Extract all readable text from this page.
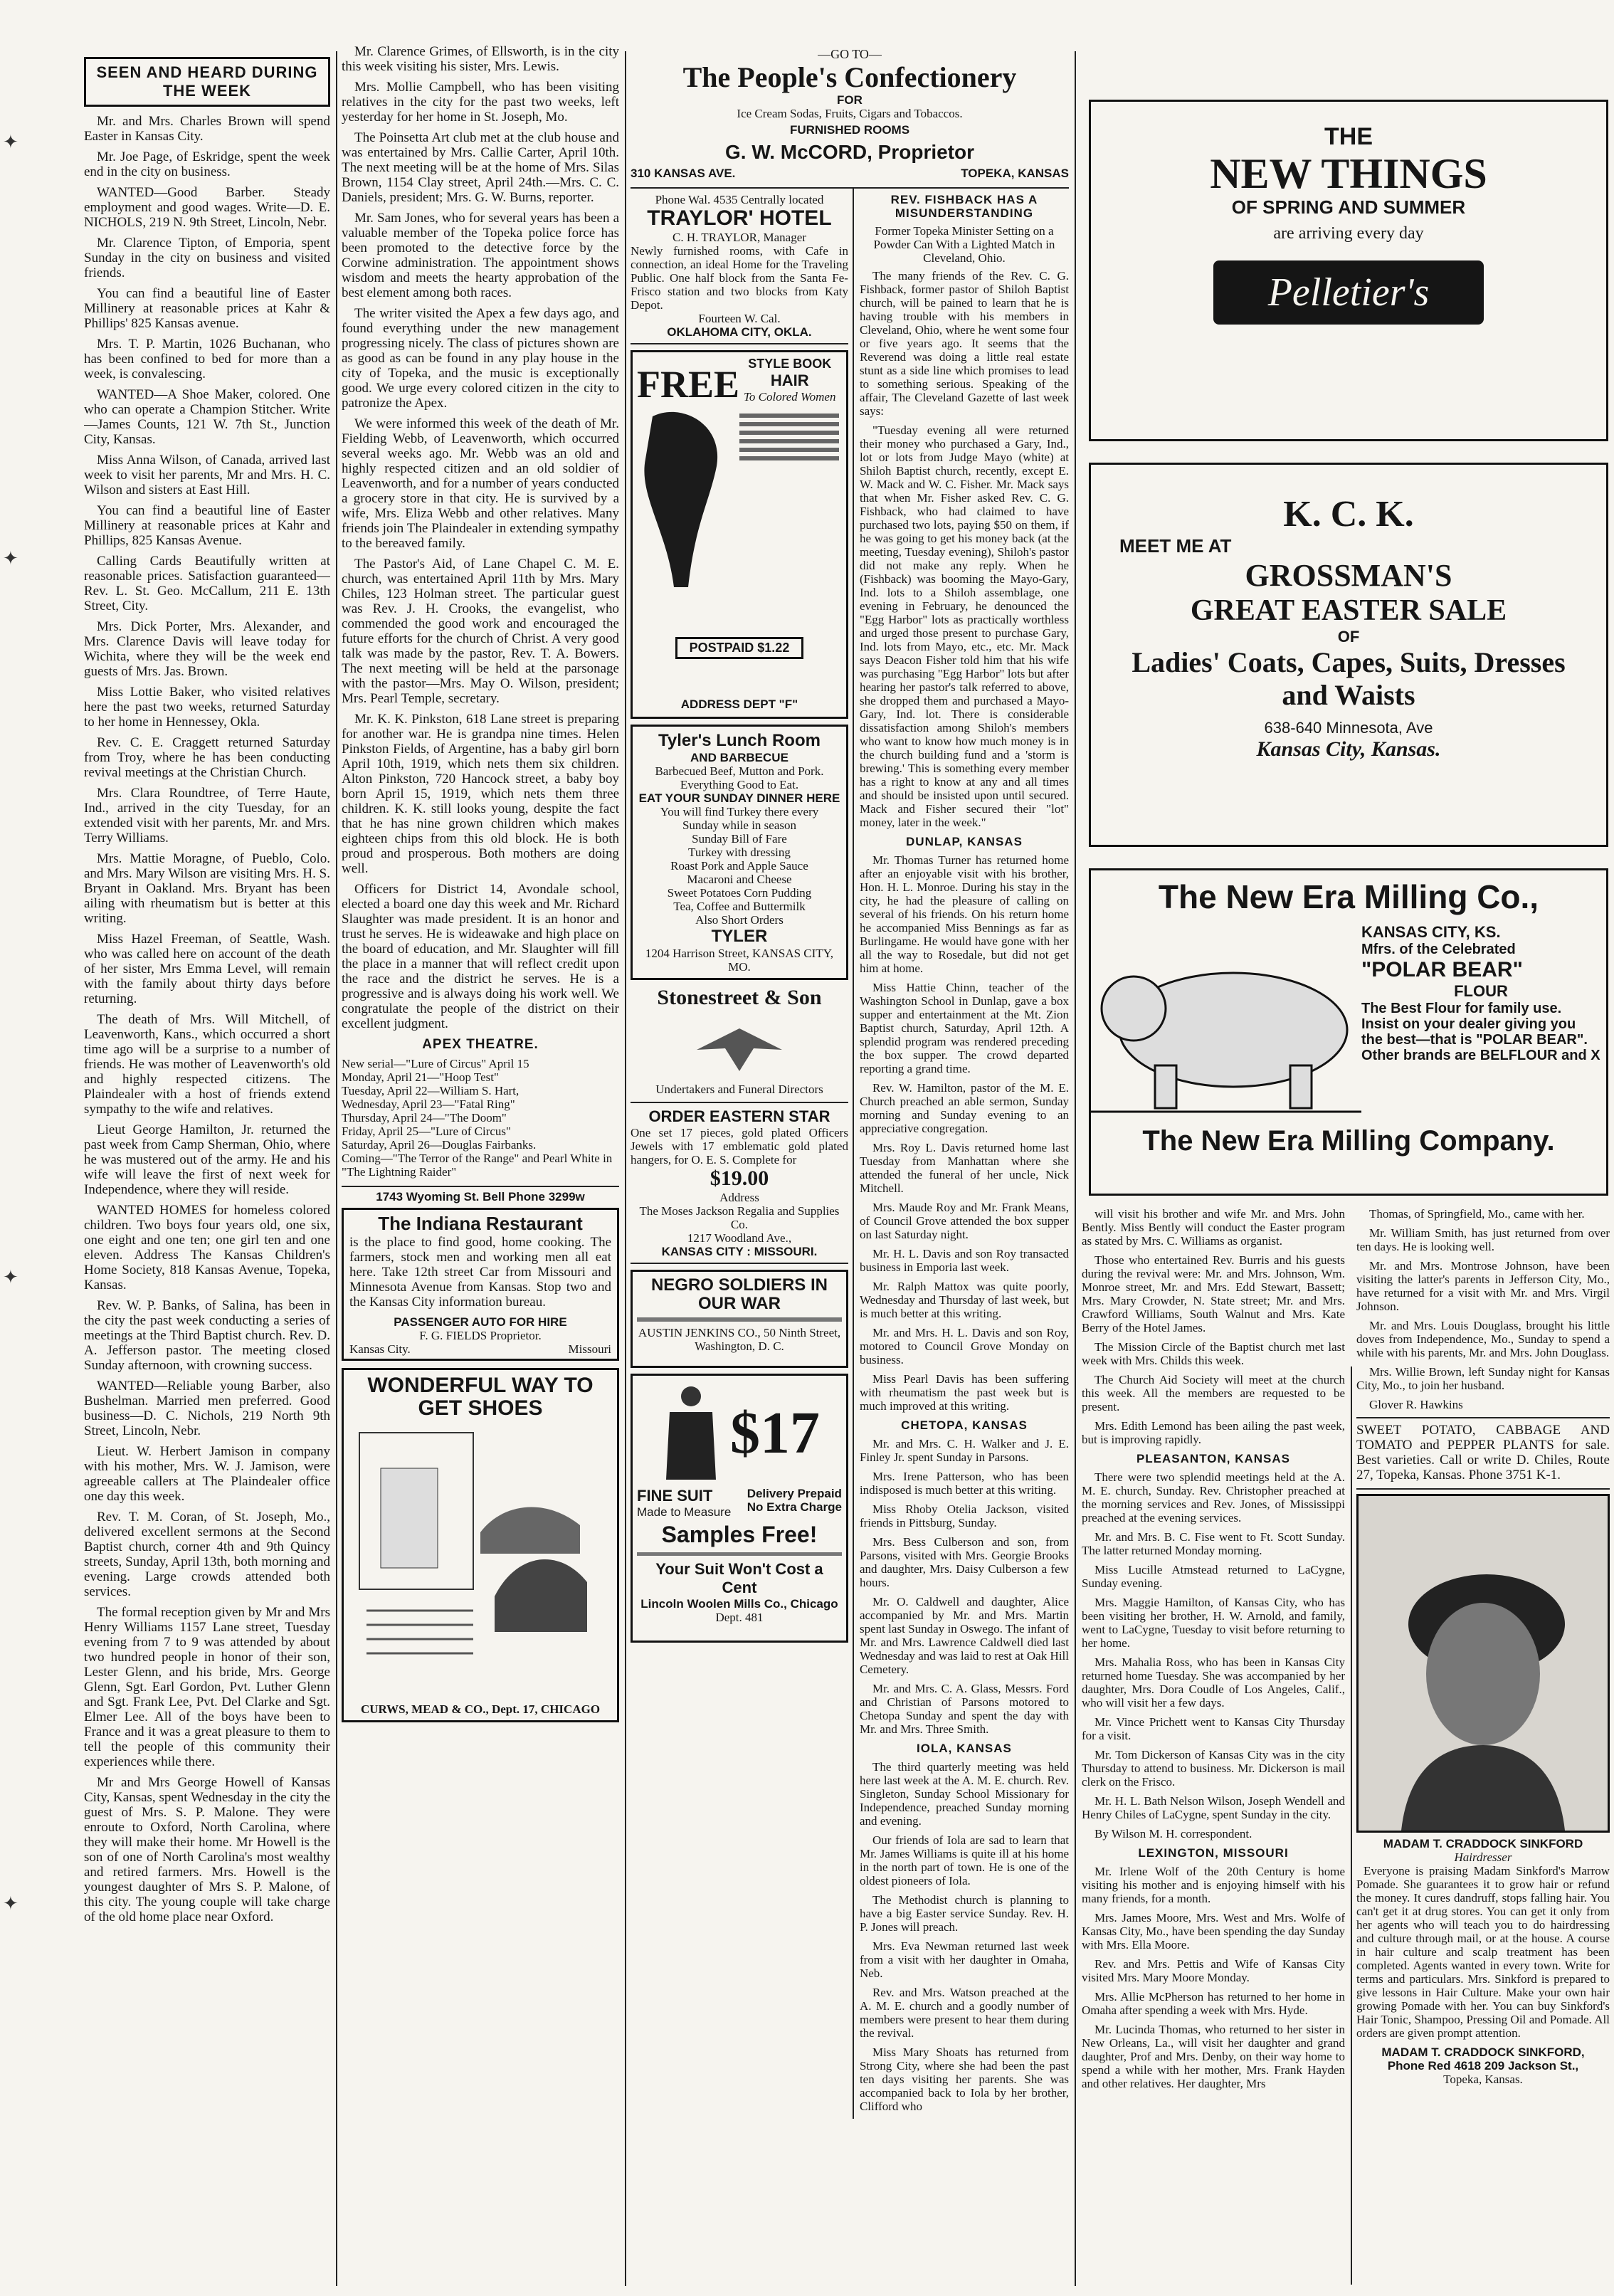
✦
✦
✦
✦
SEEN AND HEARD DURING THE WEEK
Mr. and Mrs. Charles Brown will spend Easter in Kansas City.
Mr. Joe Page, of Eskridge, spent the week end in the city on business.
WANTED—Good Barber. Steady employment and good wages. Write—D. E. NICHOLS, 219 N. 9th Street, Lincoln, Nebr.
Mr. Clarence Tipton, of Emporia, spent Sunday in the city on business and visited friends.
You can find a beautiful line of Easter Millinery at reasonable prices at Kahr & Phillips' 825 Kansas avenue.
Mrs. T. P. Martin, 1026 Buchanan, who has been confined to bed for more than a week, is convalescing.
WANTED—A Shoe Maker, colored. One who can operate a Champion Stitcher. Write—James Counts, 121 W. 7th St., Junction City, Kansas.
Miss Anna Wilson, of Canada, arrived last week to visit her parents, Mr and Mrs. H. C. Wilson and sisters at East Hill.
You can find a beautiful line of Easter Millinery at reasonable prices at Kahr and Phillips, 825 Kansas Avenue.
Calling Cards Beautifully written at reasonable prices. Satisfaction guaranteed—Rev. L. St. Geo. McCallum, 211 E. 13th Street, City.
Mrs. Dick Porter, Mrs. Alexander, and Mrs. Clarence Davis will leave today for Wichita, where they will be the week end guests of Mrs. Jas. Brown.
Miss Lottie Baker, who visited relatives here the past two weeks, returned Saturday to her home in Hennessey, Okla.
Rev. C. E. Craggett returned Saturday from Troy, where he has been conducting revival meetings at the Christian Church.
Mrs. Clara Roundtree, of Terre Haute, Ind., arrived in the city Tuesday, for an extended visit with her parents, Mr. and Mrs. Terry Williams.
Mrs. Mattie Moragne, of Pueblo, Colo. and Mrs. Mary Wilson are visiting Mrs. H. S. Bryant in Oakland. Mrs. Bryant has been ailing with rheumatism but is better at this writing.
Miss Hazel Freeman, of Seattle, Wash. who was called here on account of the death of her sister, Mrs Emma Level, will remain with the family about thirty days before returning.
The death of Mrs. Will Mitchell, of Leavenworth, Kans., which occurred a short time ago will be a surprise to a number of friends. He was mother of Leavenworth's old and highly respected citizens. The Plaindealer with a host of friends extend sympathy to the wife and relatives.
Lieut George Hamilton, Jr. returned the past week from Camp Sherman, Ohio, where he was mustered out of the army. He and his wife will leave the first of next week for Independence, where they will reside.
WANTED HOMES for homeless colored children. Two boys four years old, one six, one eight and one ten; one girl ten and one eleven. Address The Kansas Children's Home Society, 818 Kansas Avenue, Topeka, Kansas.
Rev. W. P. Banks, of Salina, has been in the city the past week conducting a series of meetings at the Third Baptist church. Rev. D. A. Jefferson pastor. The meeting closed Sunday afternoon, with crowning success.
WANTED—Reliable young Barber, also Bushelman. Married men preferred. Good business—D. C. Nichols, 219 North 9th Street, Lincoln, Nebr.
Lieut. W. Herbert Jamison in company with his mother, Mrs. W. J. Jamison, were agreeable callers at The Plaindealer office one day this week.
Rev. T. M. Coran, of St. Joseph, Mo., delivered excellent sermons at the Second Baptist church, corner 4th and 9th Quincy streets, Sunday, April 13th, both morning and evening. Large crowds attended both services.
The formal reception given by Mr and Mrs Henry Williams 1157 Lane street, Tuesday evening from 7 to 9 was attended by about two hundred people in honor of their son, Lester Glenn, and his bride, Mrs. George Glenn, Sgt. Earl Gordon, Pvt. Luther Glenn and Sgt. Frank Lee, Pvt. Del Clarke and Sgt. Elmer Lee. All of the boys have been to France and it was a great pleasure to them to tell the people of this community their experiences while there.
Mr and Mrs George Howell of Kansas City, Kansas, spent Wednesday in the city the guest of Mrs. S. P. Malone. They were enroute to Oxford, North Carolina, where they will make their home. Mr Howell is the son of one of North Carolina's most wealthy and retired farmers. Mrs. Howell is the youngest daughter of Mrs S. P. Malone, of this city. The young couple will take charge of the old home place near Oxford.
Mr. Clarence Grimes, of Ellsworth, is in the city this week visiting his sister, Mrs. Lewis.
Mrs. Mollie Campbell, who has been visiting relatives in the city for the past two weeks, left yesterday for her home in St. Joseph, Mo.
The Poinsetta Art club met at the club house and was entertained by Mrs. Callie Carter, April 10th. The next meeting will be at the home of Mrs. Silas Brown, 1154 Clay street, April 24th.—Mrs. C. C. Daniels, president; Mrs. G. W. Burns, reporter.
Mr. Sam Jones, who for several years has been a valuable member of the Topeka police force has been promoted to the detective force by the Corwine administration. The appointment shows wisdom and meets the hearty approbation of the best element among both races.
The writer visited the Apex a few days ago, and found everything under the new management progressing nicely. The class of pictures shown are as good as can be found in any play house in the city of Topeka, and the music is exceptionally good. We urge every colored citizen in the city to patronize the Apex.
We were informed this week of the death of Mr. Fielding Webb, of Leavenworth, which occurred several weeks ago. Mr. Webb was an old and highly respected citizen and an old soldier of Leavenworth, and for a number of years conducted a grocery store in that city. He is survived by a wife, Mrs. Eliza Webb and other relatives. Many friends join The Plaindealer in extending sympathy to the bereaved family.
The Pastor's Aid, of Lane Chapel C. M. E. church, was entertained April 11th by Mrs. Mary Chiles, 123 Holman street. The particular guest was Rev. J. H. Crooks, the evangelist, who commended the good work and encouraged the future efforts for the church of Christ. A very good talk was made by the pastor, Rev. T. A. Bowers. The next meeting will be held at the parsonage with the pastor—Mrs. May O. Wilson, president; Mrs. Pearl Temple, secretary.
Mr. K. K. Pinkston, 618 Lane street is preparing for another war. He is grandpa nine times. Helen Pinkston Fields, of Argentine, has a baby girl born April 10th, 1919, which nets them six children. Alton Pinkston, 720 Hancock street, a baby boy born April 15, 1919, which nets them three children. K. K. still looks young, despite the fact that he has nine grown children which makes eighteen chips from this old block. He is both proud and prosperous. Both mothers are doing well.
Officers for District 14, Avondale school, elected a board one day this week and Mr. Richard Slaughter was made president. It is an honor and trust he serves. He is wideawake and high place on the board of education, and Mr. Slaughter will fill the place in a manner that will reflect credit upon the race and the district he serves. He is a progressive and is always doing his work well. We congratulate the people of the district on their excellent judgment.
APEX THEATRE.
New serial—"Lure of Circus" April 15
Monday, April 21—"Hoop Test"
Tuesday, April 22—William S. Hart,
Wednesday, April 23—"Fatal Ring"
Thursday, April 24—"The Doom"
Friday, April 25—"Lure of Circus"
Saturday, April 26—Douglas Fairbanks.
Coming—"The Terror of the Range" and Pearl White in "The Lightning Raider"
1743 Wyoming St. Bell Phone 3299w
The Indiana Restaurant
is the place to find good, home cooking. The farmers, stock men and working men all eat here. Take 12th street Car from Missouri and Minnesota Avenue from Kansas. Stop two and the Kansas City information bureau.
PASSENGER AUTO FOR HIRE
F. G. FIELDS Proprietor.
Kansas City.	Missouri
WONDERFUL WAY TO GET SHOES
CURWS, MEAD & CO., Dept. 17, CHICAGO
—GO TO—
The People's Confectionery
FOR
Ice Cream Sodas, Fruits, Cigars and Tobaccos.
FURNISHED ROOMS
G. W. McCORD, Proprietor
310 KANSAS AVE.	TOPEKA, KANSAS
Phone Wal. 4535 Centrally located
TRAYLOR' HOTEL
C. H. TRAYLOR, Manager
Newly furnished rooms, with Cafe in connection, an ideal Home for the Traveling Public. One half block from the Santa Fe-Frisco station and two blocks from Katy Depot.
Fourteen W. Cal.
OKLAHOMA CITY, OKLA.
FREE STYLE BOOK
HAIR
To Colored Women
POSTPAID $1.22
ADDRESS DEPT "F"
Tyler's Lunch Room
AND BARBECUE
Barbecued Beef, Mutton and Pork. Everything Good to Eat.
EAT YOUR SUNDAY DINNER HERE
You will find Turkey there every
Sunday while in season
Sunday Bill of Fare
Turkey with dressing
Roast Pork and Apple Sauce
Macaroni and Cheese
Sweet Potatoes Corn Pudding
Tea, Coffee and Buttermilk
Also Short Orders
TYLER
1204 Harrison Street, KANSAS CITY, MO.
Stonestreet & Son
Undertakers and Funeral Directors
ORDER EASTERN STAR
One set 17 pieces, gold plated Officers Jewels with 17 emblematic gold plated hangers, for O. E. S. Complete for
$19.00
Address
The Moses Jackson Regalia and Supplies Co.
1217 Woodland Ave.,
KANSAS CITY : MISSOURI.
NEGRO SOLDIERS IN OUR WAR
AUSTIN JENKINS CO., 50 Ninth Street, Washington, D. C.
$17
FINE SUIT
Made to Measure
Delivery Prepaid
No Extra Charge
Samples Free!
Your Suit Won't Cost a Cent
Lincoln Woolen Mills Co., Chicago
Dept. 481
REV. FISHBACK HAS A MISUNDERSTANDING
Former Topeka Minister Setting on a Powder Can With a Lighted Match in Cleveland, Ohio.
The many friends of the Rev. C. G. Fishback, former pastor of Shiloh Baptist church, will be pained to learn that he is having trouble with his members in Cleveland, Ohio, where he went some four or five years ago. It seems that the Reverend was doing a little real estate stunt as a side line which promises to lead to something serious. Speaking of the affair, The Cleveland Gazette of last week says:
"Tuesday evening all were returned their money who purchased a Gary, Ind., lot or lots from Judge Mayo (white) at Shiloh Baptist church, recently, except E. W. Mack and W. C. Fisher. Mr. Mack says that when Mr. Fisher asked Rev. C. G. Fishback, who had claimed to have purchased two lots, paying $50 on them, if he was going to get his money back (at the meeting, Tuesday evening), Shiloh's pastor did not make any reply. When he (Fishback) was booming the Mayo-Gary, Ind. lots to a Shiloh assemblage, one evening in February, he denounced the "Egg Harbor" lots as practically worthless and urged those present to purchase Gary, Ind. lots from Mayo, etc., etc. Mr. Mack says Deacon Fisher told him that his wife was purchasing "Egg Harbor" lots but after hearing her pastor's talk referred to above, she dropped them and purchased a Mayo-Gary, Ind. lot. There is considerable dissatisfaction among Shiloh's members who want to know how much money is in the church building fund and a 'storm is brewing.' This is something every member has a right to know at any and all times and should be insisted upon until secured. Mack and Fisher secured their "lot" money, later in the week."
DUNLAP, KANSAS
Mr. Thomas Turner has returned home after an enjoyable visit with his brother, Hon. H. L. Monroe. During his stay in the city, he had the pleasure of calling on several of his friends. On his return home he accompanied Miss Bennings as far as Burlingame. He would have gone with her all the way to Rosedale, but did not get him at home.
Miss Hattie Chinn, teacher of the Washington School in Dunlap, gave a box supper and entertainment at the Mt. Zion Baptist church, Saturday, April 12th. A splendid program was rendered preceding the box supper. The crowd departed reporting a grand time.
Rev. W. Hamilton, pastor of the M. E. Church preached an able sermon, Sunday morning and Sunday evening to an appreciative congregation.
Mrs. Roy L. Davis returned home last Tuesday from Manhattan where she attended the funeral of her uncle, Nick Mitchell.
Mrs. Maude Roy and Mr. Frank Means, of Council Grove attended the box supper on last Saturday night.
Mr. H. L. Davis and son Roy transacted business in Emporia last week.
Mr. Ralph Mattox was quite poorly, Wednesday and Thursday of last week, but is much better at this writing.
Mr. and Mrs. H. L. Davis and son Roy, motored to Council Grove Monday on business.
Miss Pearl Davis has been suffering with rheumatism the past week but is much improved at this writing.
CHETOPA, KANSAS
Mr. and Mrs. C. H. Walker and J. E. Finley Jr. spent Sunday in Parsons.
Mrs. Irene Patterson, who has been indisposed is much better at this writing.
Miss Rhoby Otelia Jackson, visited friends in Pittsburg, Sunday.
Mrs. Bess Culberson and son, from Parsons, visited with Mrs. Georgie Brooks and daughter, Mrs. Daisy Culberson a few hours.
Mr. O. Caldwell and daughter, Alice accompanied by Mr. and Mrs. Martin spent last Sunday in Oswego. The infant of Mr. and Mrs. Lawrence Caldwell died last Wednesday and was laid to rest at Oak Hill Cemetery.
Mr. and Mrs. C. A. Glass, Messrs. Ford and Christian of Parsons motored to Chetopa Sunday and spent the day with Mr. and Mrs. Three Smith.
IOLA, KANSAS
The third quarterly meeting was held here last week at the A. M. E. church. Rev. Singleton, Sunday School Missionary for Independence, preached Sunday morning and evening.
Our friends of Iola are sad to learn that Mr. James Williams is quite ill at his home in the north part of town. He is one of the oldest pioneers of Iola.
The Methodist church is planning to have a big Easter service Sunday. Rev. H. P. Jones will preach.
Mrs. Eva Newman returned last week from a visit with her daughter in Omaha, Neb.
Rev. and Mrs. Watson preached at the A. M. E. church and a goodly number of members were present to hear them during the revival.
Miss Mary Shoats has returned from Strong City, where she had been the past ten days visiting her parents. She was accompanied back to Iola by her brother, Clifford who
THE
NEW THINGS
OF SPRING AND SUMMER
are arriving every day
Pelletier's
K. C. K.
MEET ME AT
GROSSMAN'S
GREAT EASTER SALE
OF
Ladies' Coats, Capes, Suits, Dresses and Waists
638-640 Minnesota, Ave
Kansas City, Kansas.
The New Era Milling Co.,
KANSAS CITY, KS.
Mfrs. of the Celebrated
"POLAR BEAR"
FLOUR
The Best Flour for family use. Insist on your dealer giving you the best—that is "POLAR BEAR". Other brands are BELFLOUR and X
The New Era Milling Company.
will visit his brother and wife Mr. and Mrs. John Bently. Miss Bently will conduct the Easter program as stated by Mrs. C. Williams as organist.
Those who entertained Rev. Burris and his guests during the revival were: Mr. and Mrs. Johnson, Wm. Monroe street, Mr. and Mrs. Edd Stewart, Bassett; Mrs. Mary Crowder, N. State street; Mr. and Mrs. Crawford Williams, South Walnut and Mrs. Kate Berry of the Hotel James.
The Mission Circle of the Baptist church met last week with Mrs. Childs this week.
The Church Aid Society will meet at the church this week. All the members are requested to be present.
Mrs. Edith Lemond has been ailing the past week, but is improving rapidly.
PLEASANTON, KANSAS
There were two splendid meetings held at the A. M. E. church, Sunday. Rev. Christopher preached at the morning services and Rev. Jones, of Mississippi preached at the evening services.
Mr. and Mrs. B. C. Fise went to Ft. Scott Sunday. The latter returned Monday morning.
Miss Lucille Atmstead returned to LaCygne, Sunday evening.
Mrs. Maggie Hamilton, of Kansas City, who has been visiting her brother, H. W. Arnold, and family, went to LaCygne, Tuesday to visit before returning to her home.
Mrs. Mahalia Ross, who has been in Kansas City returned home Tuesday. She was accompanied by her daughter, Mrs. Dora Coudle of Los Angeles, Calif., who will visit her a few days.
Mr. Vince Prichett went to Kansas City Thursday for a visit.
Mr. Tom Dickerson of Kansas City was in the city Thursday to attend to business. Mr. Dickerson is mail clerk on the Frisco.
Mr. H. L. Bath Nelson Wilson, Joseph Wendell and Henry Chiles of LaCygne, spent Sunday in the city.
By Wilson M. H. correspondent.
LEXINGTON, MISSOURI
Mr. Irlene Wolf of the 20th Century is home visiting his mother and is enjoying himself with his many friends, for a month.
Mrs. James Moore, Mrs. West and Mrs. Wolfe of Kansas City, Mo., have been spending the day Sunday with Mrs. Ella Moore.
Rev. and Mrs. Pettis and Wife of Kansas City visited Mrs. Mary Moore Monday.
Mrs. Allie McPherson has returned to her home in Omaha after spending a week with Mrs. Hyde.
Mr. Lucinda Thomas, who returned to her sister in New Orleans, La., will visit her daughter and grand daughter, Prof and Mrs. Denby, on their way home to spend a while with her mother, Mrs. Frank Hayden and other relatives. Her daughter, Mrs
Thomas, of Springfield, Mo., came with her.
Mr. William Smith, has just returned from over ten days. He is looking well.
Mr. and Mrs. Montrose Johnson, have been visiting the latter's parents in Jefferson City, Mo., have returned for a visit with Mr. and Mrs. Virgil Johnson.
Mr. and Mrs. Louis Douglass, brought his little doves from Independence, Mo., Sunday to spend a while with his parents, Mr. and Mrs. John Douglass.
Mrs. Willie Brown, left Sunday night for Kansas City, Mo., to join her husband.
Glover R. Hawkins
SWEET POTATO, CABBAGE AND TOMATO and PEPPER PLANTS for sale. Best varieties. Call or write D. Chiles, Route 27, Topeka, Kansas. Phone 3751 K-1.
MADAM T. CRADDOCK SINKFORD
Hairdresser
Everyone is praising Madam Sinkford's Marrow Pomade. She guarantees it to grow hair or refund the money. It cures dandruff, stops falling hair. You can't get it at drug stores. You can get it only from her agents who will teach you to do hairdressing and culture through mail, or at the house. A course in hair culture and scalp treatment has been completed. Agents wanted in every town. Write for terms and particulars. Mrs. Sinkford is prepared to give lessons in Hair Culture. Make your own hair growing Pomade with her. You can buy Sinkford's Hair Tonic, Shampoo, Pressing Oil and Pomade. All orders are given prompt attention.
MADAM T. CRADDOCK SINKFORD,
Phone Red 4618 209 Jackson St.,
Topeka, Kansas.
